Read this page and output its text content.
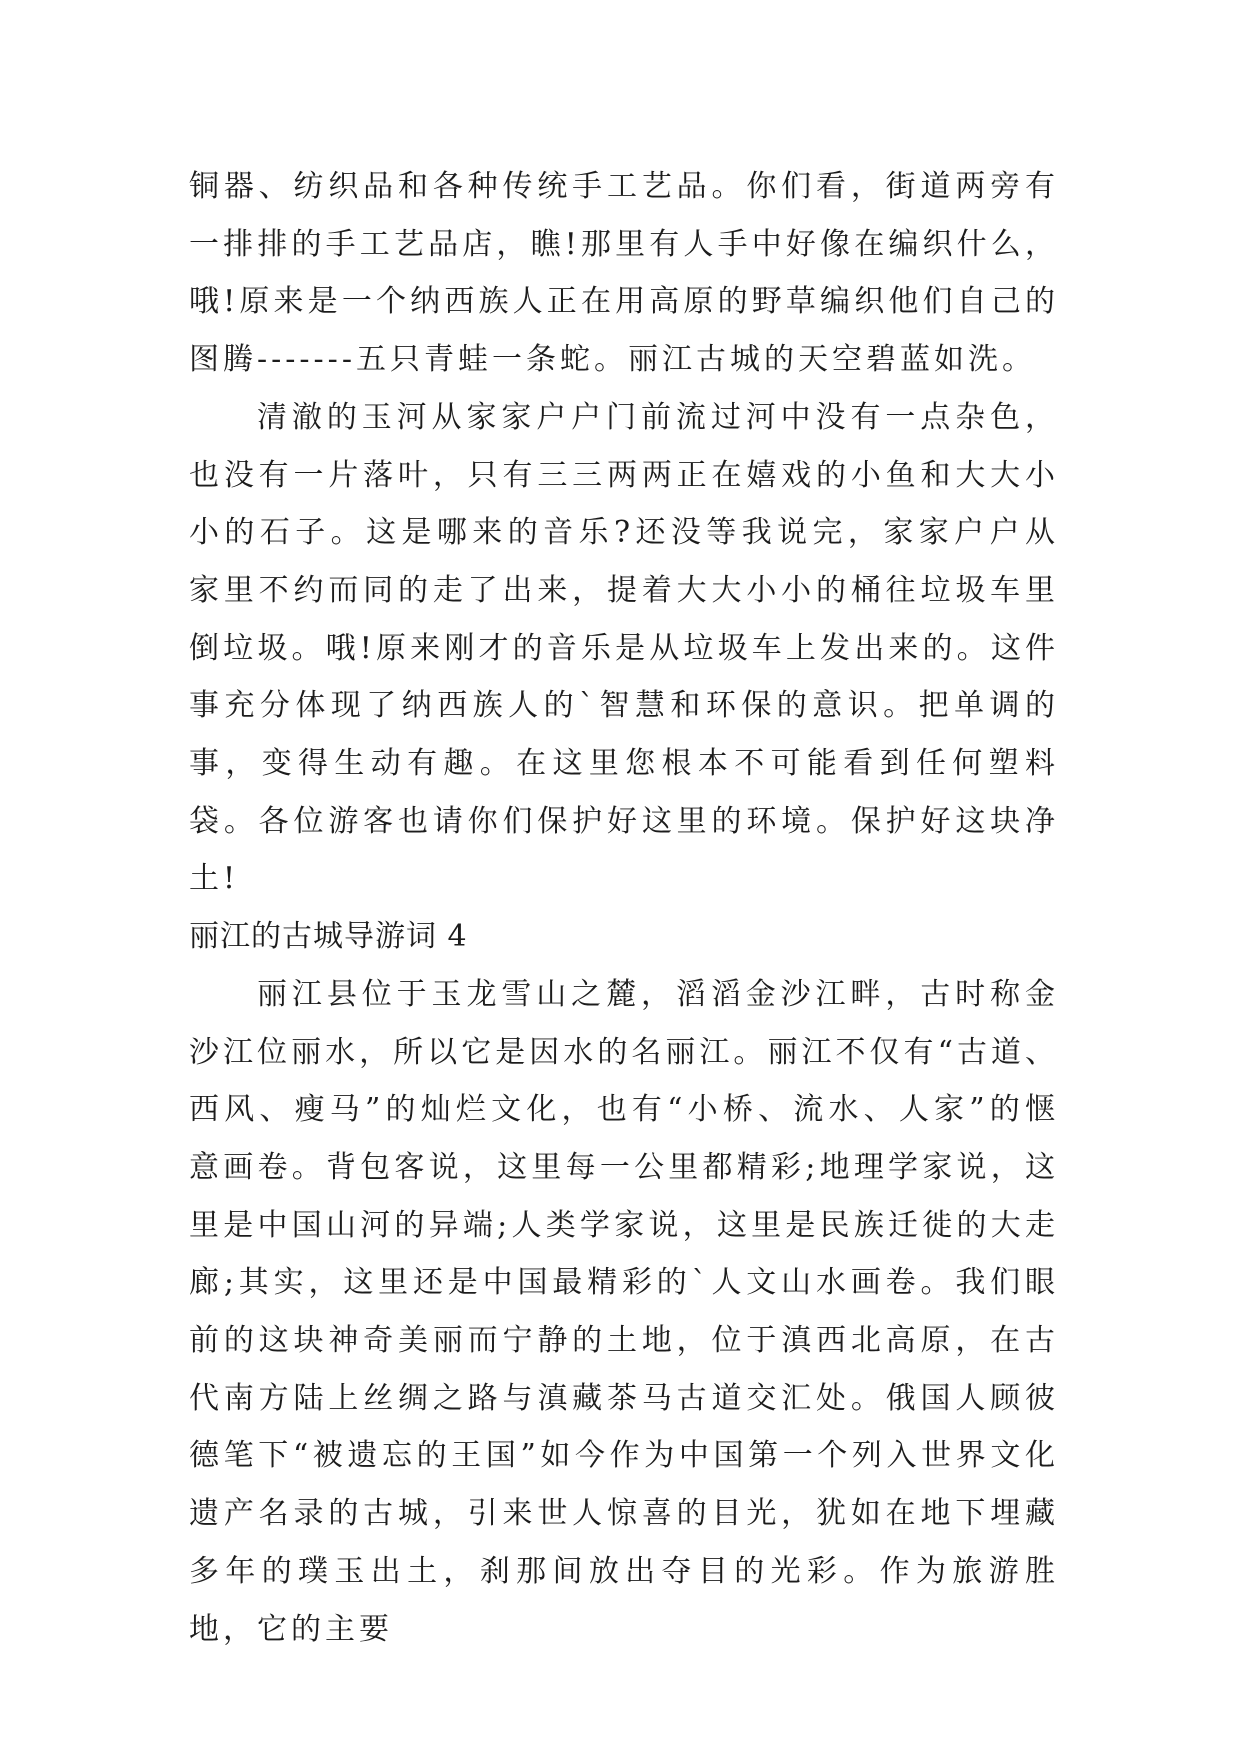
铜器、纺织品和各种传统手工艺品。你们看，街道两旁有一排排的手工艺品店，瞧!那里有人手中好像在编织什么，哦!原来是一个纳西族人正在用高原的野草编织他们自己的图腾-------五只青蛙一条蛇。丽江古城的天空碧蓝如洗。

清澈的玉河从家家户户门前流过河中没有一点杂色，也没有一片落叶，只有三三两两正在嬉戏的小鱼和大大小小的石子。这是哪来的音乐?还没等我说完，家家户户从家里不约而同的走了出来，提着大大小小的桶往垃圾车里倒垃圾。哦!原来刚才的音乐是从垃圾车上发出来的。这件事充分体现了纳西族人的`智慧和环保的意识。把单调的事，变得生动有趣。在这里您根本不可能看到任何塑料袋。各位游客也请你们保护好这里的环境。保护好这块净土!

丽江的古城导游词 4

丽江县位于玉龙雪山之麓，滔滔金沙江畔，古时称金沙江位丽水，所以它是因水的名丽江。丽江不仅有“古道、西风、瘦马”的灿烂文化，也有“小桥、流水、人家”的惬意画卷。背包客说，这里每一公里都精彩;地理学家说，这里是中国山河的异端;人类学家说，这里是民族迁徙的大走廊;其实，这里还是中国最精彩的`人文山水画卷。我们眼前的这块神奇美丽而宁静的土地，位于滇西北高原，在古代南方陆上丝绸之路与滇藏茶马古道交汇处。俄国人顾彼德笔下“被遗忘的王国”如今作为中国第一个列入世界文化遗产名录的古城，引来世人惊喜的目光，犹如在地下埋藏多年的璞玉出土，刹那间放出夺目的光彩。作为旅游胜地，它的主要
